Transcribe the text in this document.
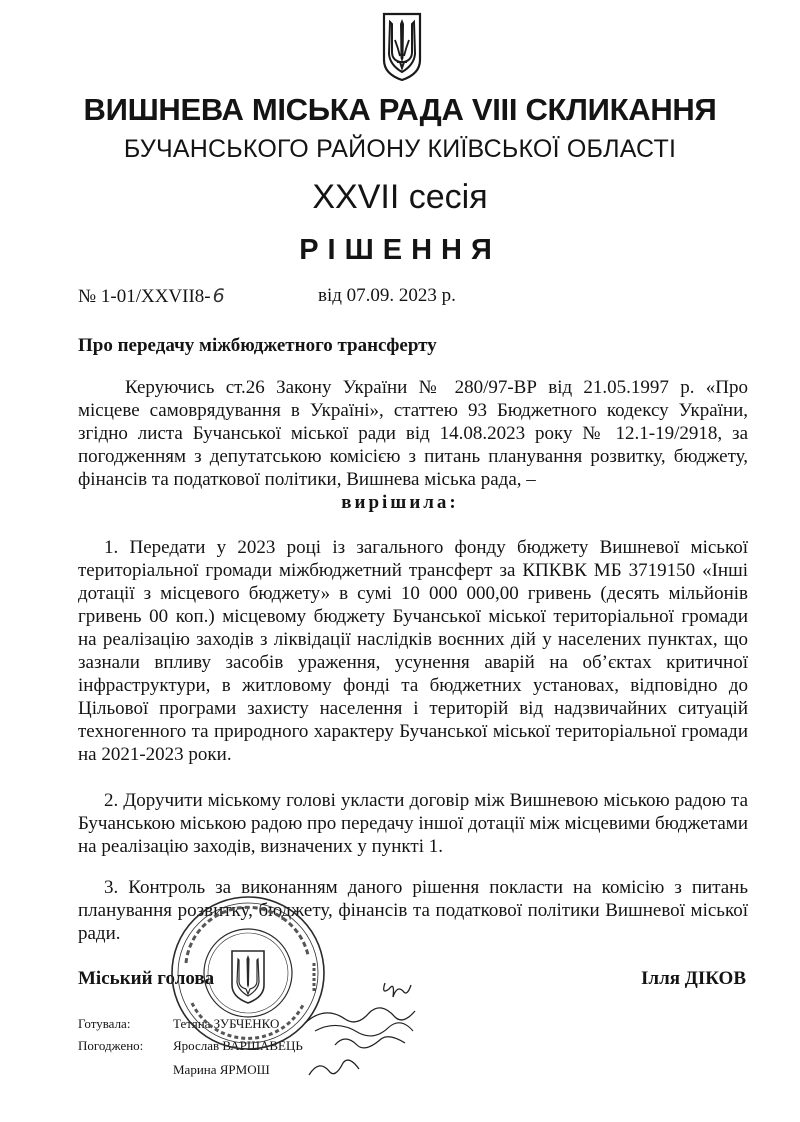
ВИШНЕВА МІСЬКА РАДА VIII СКЛИКАННЯ
БУЧАНСЬКОГО РАЙОНУ КИЇВСЬКОЇ ОБЛАСТІ
XXVII сесія
РІШЕННЯ
№ 1-01/XXVII8- 6	від 07.09. 2023 р.
Про передачу міжбюджетного трансферту
Керуючись ст.26 Закону України № 280/97-ВР від 21.05.1997 р. «Про місцеве самоврядування в Україні», статтею 93 Бюджетного кодексу України, згідно листа Бучанської міської ради від 14.08.2023 року № 12.1-19/2918, за погодженням з депутатською комісією з питань планування розвитку, бюджету, фінансів та податкової політики, Вишнева міська рада, –
вирішила:
1. Передати у 2023 році із загального фонду бюджету Вишневої міської територіальної громади міжбюджетний трансферт за КПКВК МБ 3719150 «Інші дотації з місцевого бюджету» в сумі 10 000 000,00 гривень (десять мільйонів гривень 00 коп.) місцевому бюджету Бучанської міської територіальної громади на реалізацію заходів з ліквідації наслідків воєнних дій у населених пунктах, що зазнали впливу засобів ураження, усунення аварій на об’єктах критичної інфраструктури, в житловому фонді та бюджетних установах, відповідно до Цільової програми захисту населення і територій від надзвичайних ситуацій техногенного та природного характеру Бучанської міської територіальної громади на 2021-2023 роки.
2. Доручити міському голові укласти договір між Вишневою міською радою та Бучанською міською радою про передачу іншої дотації між місцевими бюджетами на реалізацію заходів, визначених у пункті 1.
3. Контроль за виконанням даного рішення покласти на комісію з питань планування розвитку, бюджету, фінансів та податкової політики Вишневої міської ради.
Міський голова	Ілля ДІКОВ
Готувала:	Тетяна ЗУБЧЕНКО
Погоджено: Ярослав ВАРШАВЕЦЬ
Марина ЯРМОШ
